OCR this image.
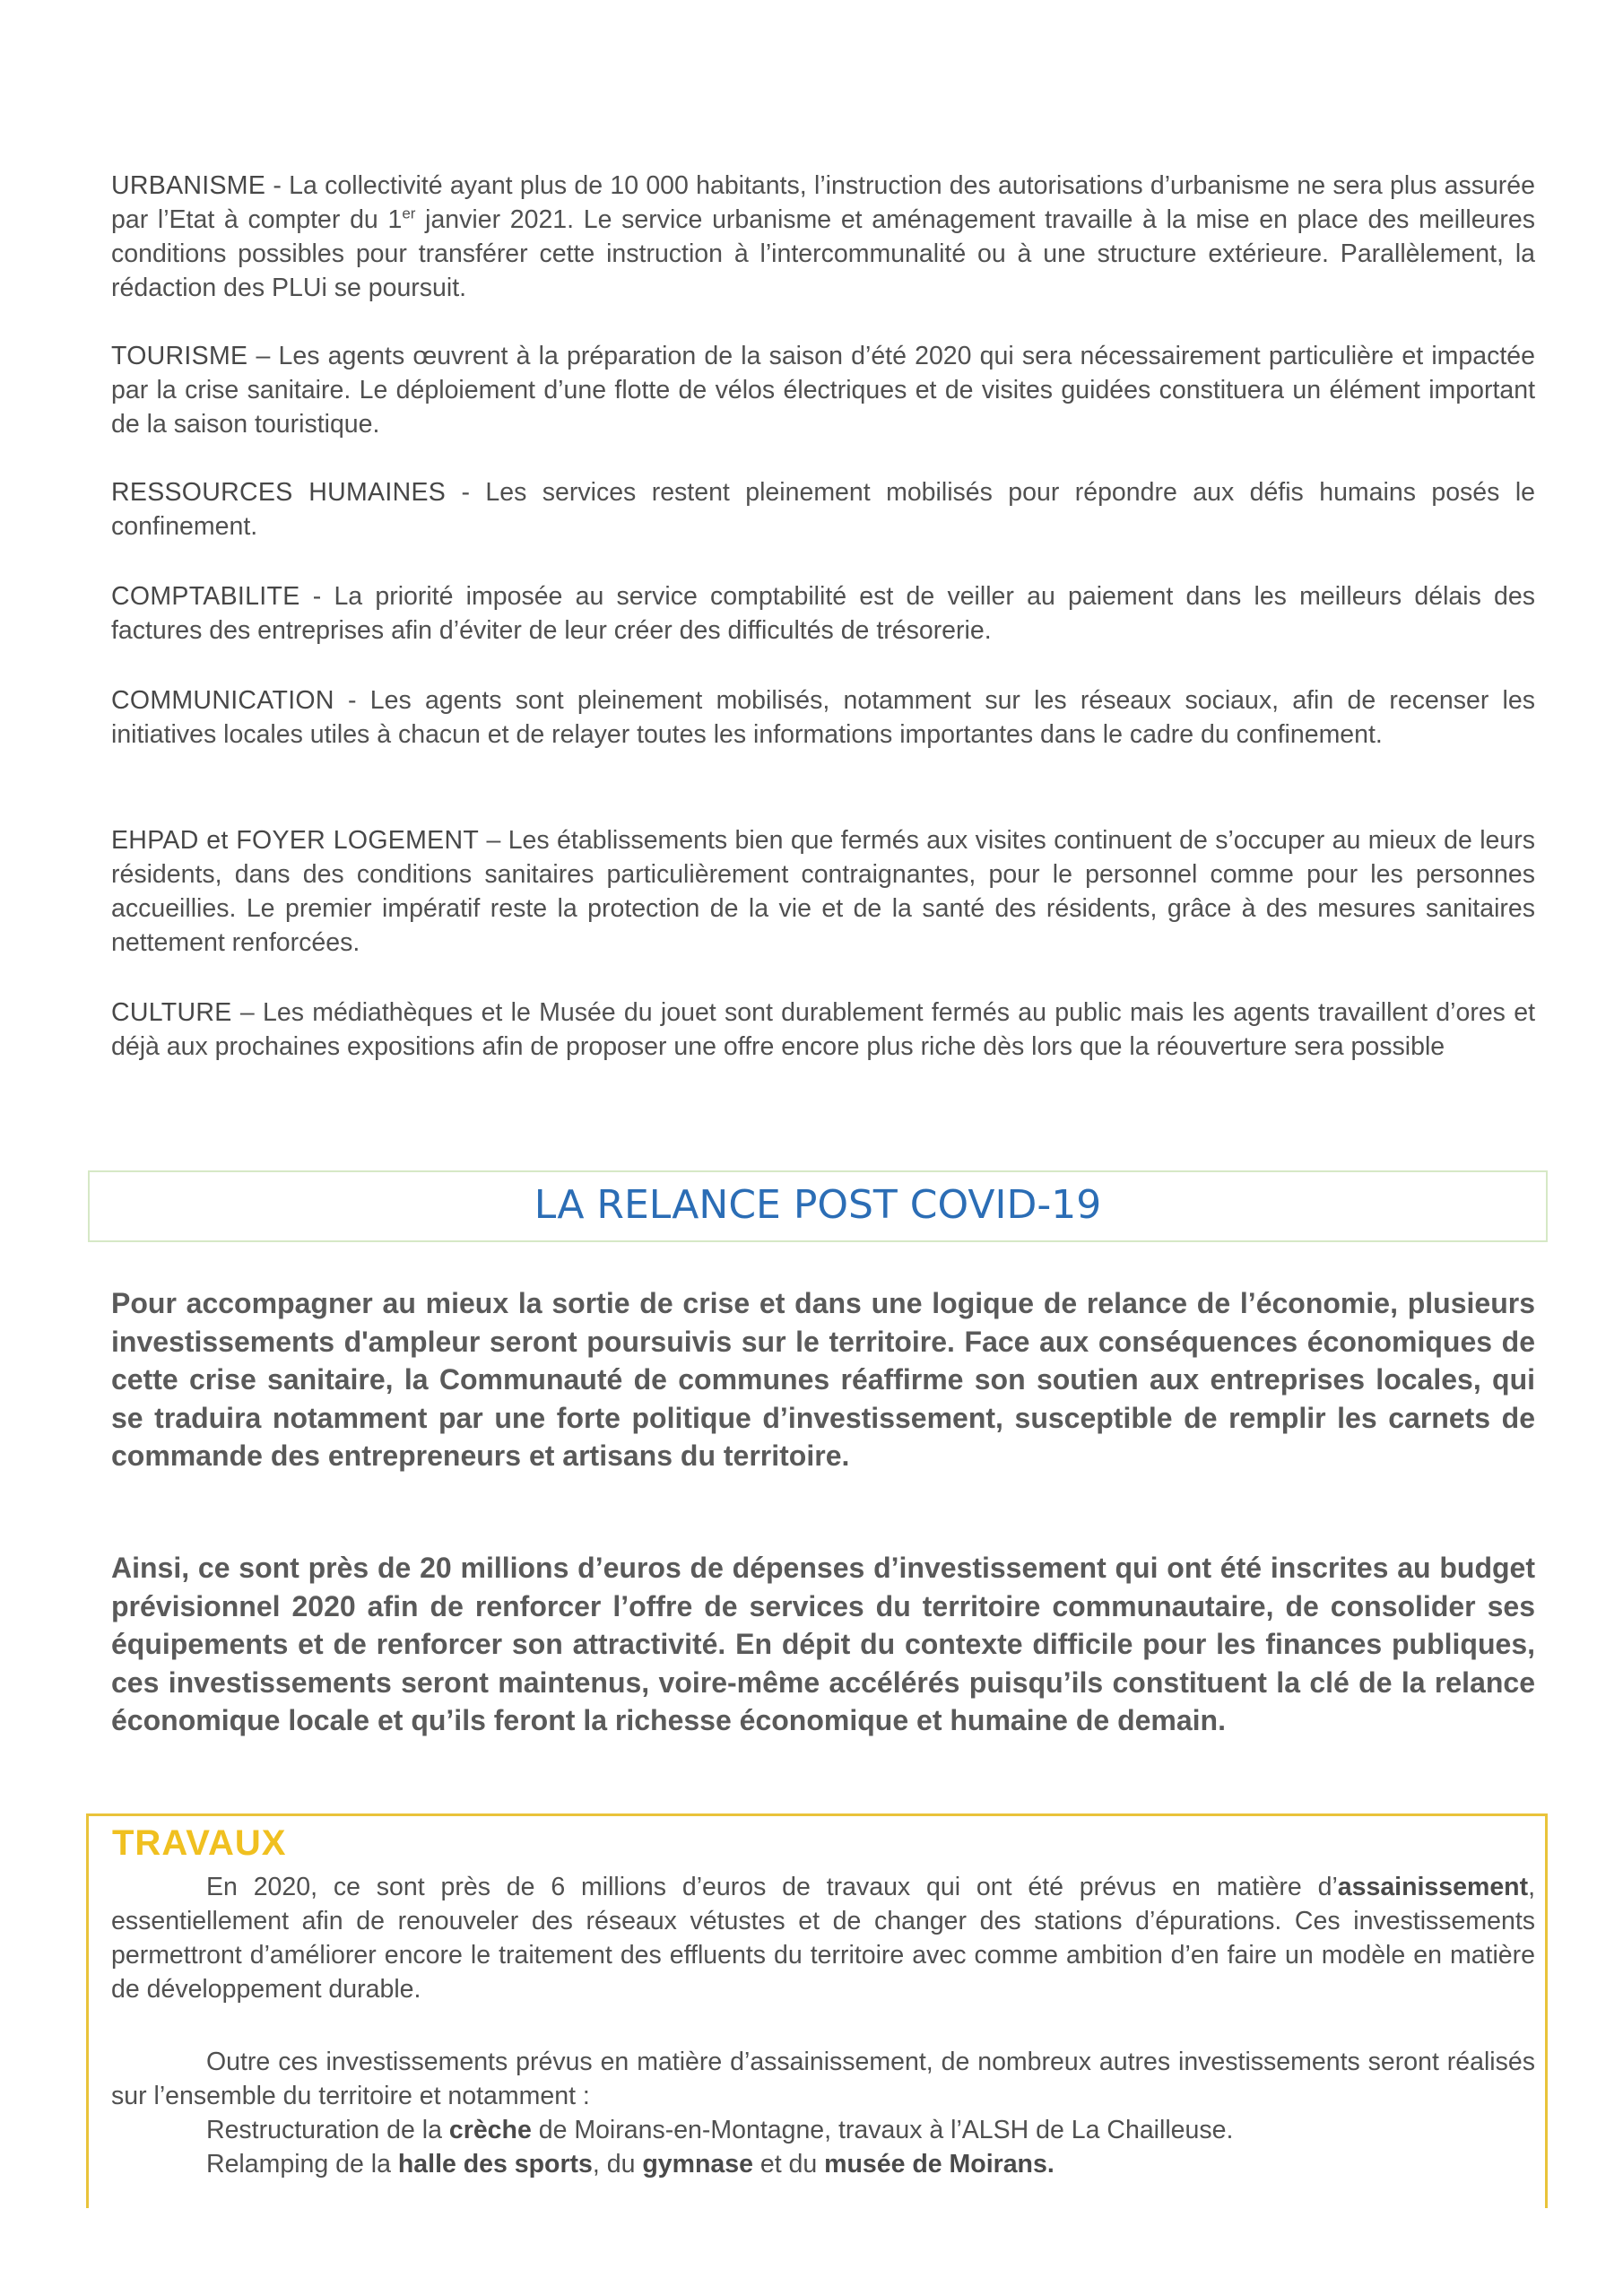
URBANISME - La collectivité ayant plus de 10 000 habitants, l’instruction des autorisations d’urbanisme ne sera plus assurée par l’Etat à compter du 1er janvier 2021. Le service urbanisme et aménagement travaille à la mise en place des meilleures conditions possibles pour transférer cette instruction à l’intercommunalité ou à une structure extérieure. Parallèlement, la rédaction des PLUi se poursuit.

TOURISME – Les agents œuvrent à la préparation de la saison d’été 2020 qui sera nécessairement particulière et impactée par la crise sanitaire. Le déploiement d’une flotte de vélos électriques et de visites guidées constituera un élément important de la saison touristique.

RESSOURCES HUMAINES - Les services restent pleinement mobilisés pour répondre aux défis humains posés le confinement.

COMPTABILITE - La priorité imposée au service comptabilité est de veiller au paiement dans les meilleurs délais des factures des entreprises afin d’éviter de leur créer des difficultés de trésorerie.

COMMUNICATION - Les agents sont pleinement mobilisés, notamment sur les réseaux sociaux, afin de recenser les initiatives locales utiles à chacun et de relayer toutes les informations importantes dans le cadre du confinement.

EHPAD et FOYER LOGEMENT – Les établissements bien que fermés aux visites continuent de s’occuper au mieux de leurs résidents, dans des conditions sanitaires particulièrement contraignantes, pour le personnel comme pour les personnes accueillies. Le premier impératif reste la protection de la vie et de la santé des résidents, grâce à des mesures sanitaires nettement renforcées.

CULTURE – Les médiathèques et le Musée du jouet sont durablement fermés au public mais les agents travaillent d’ores et déjà aux prochaines expositions afin de proposer une offre encore plus riche dès lors que la réouverture sera possible

LA RELANCE POST COVID-19

Pour accompagner au mieux la sortie de crise et dans une logique de relance de l’économie, plusieurs investissements d'ampleur seront poursuivis sur le territoire. Face aux conséquences économiques de cette crise sanitaire, la Communauté de communes réaffirme son soutien aux entreprises locales, qui se traduira notamment par une forte politique d’investissement, susceptible de remplir les carnets de commande des entrepreneurs et artisans du territoire.

Ainsi, ce sont près de 20 millions d’euros de dépenses d’investissement qui ont été inscrites au budget prévisionnel 2020 afin de renforcer l’offre de services du territoire communautaire, de consolider ses équipements et de renforcer son attractivité. En dépit du contexte difficile pour les finances publiques, ces investissements seront maintenus, voire-même accélérés puisqu’ils constituent la clé de la relance économique locale et qu’ils feront la richesse économique et humaine de demain.

TRAVAUX

En 2020, ce sont près de 6 millions d’euros de travaux qui ont été prévus en matière d’assainissement, essentiellement afin de renouveler des réseaux vétustes et de changer des stations d’épurations. Ces investissements permettront d’améliorer encore le traitement des effluents du territoire avec comme ambition d’en faire un modèle en matière de développement durable.

Outre ces investissements prévus en matière d’assainissement, de nombreux autres investissements seront réalisés sur l’ensemble du territoire et notamment :

Restructuration de la crèche de Moirans-en-Montagne, travaux à l’ALSH de La Chailleuse.
Relamping de la halle des sports, du gymnase et du musée de Moirans.
